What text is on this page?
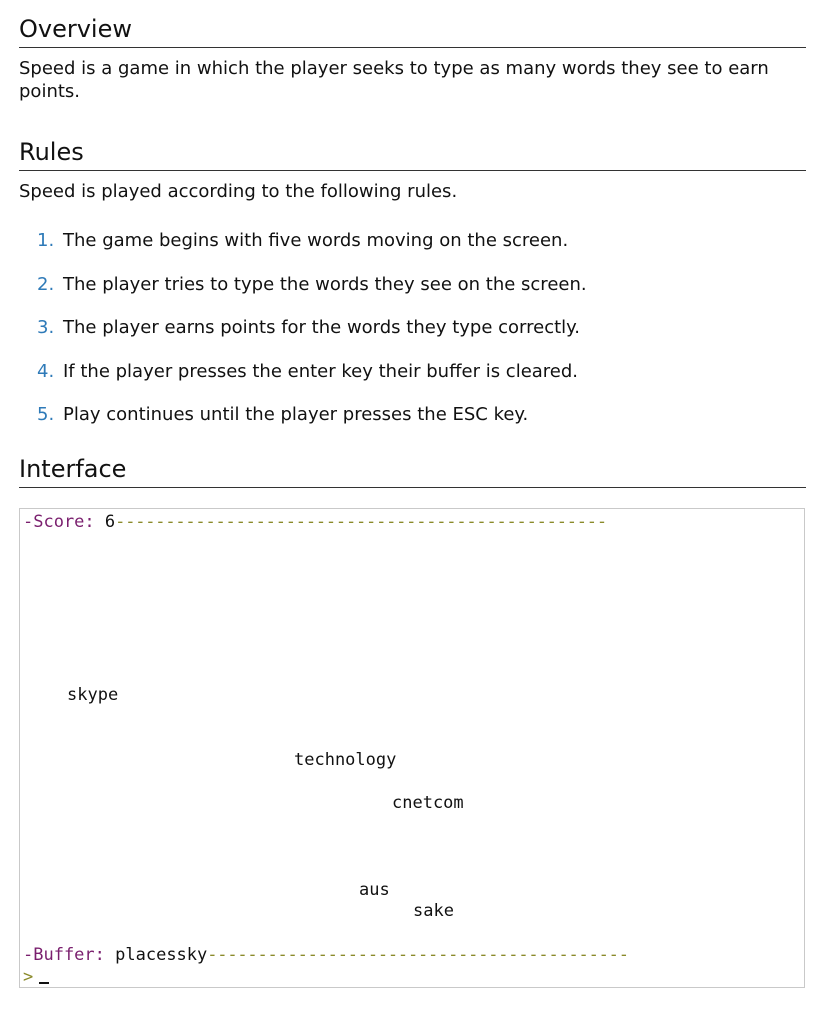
Overview

Speed is a game in which the player seeks to type as many words they see to earn points.

Rules

Speed is played according to the following rules.

1. The game begins with five words moving on the screen.
2. The player tries to type the words they see on the screen.
3. The player earns points for the words they type correctly.
4. If the player presses the enter key their buffer is cleared.
5. Play continues until the player presses the ESC key.
Interface
-Score: 6-------------------------------------------------
skype
technology
cnetcom
aus
sake
-Buffer: placessky------------------------------------------
>
